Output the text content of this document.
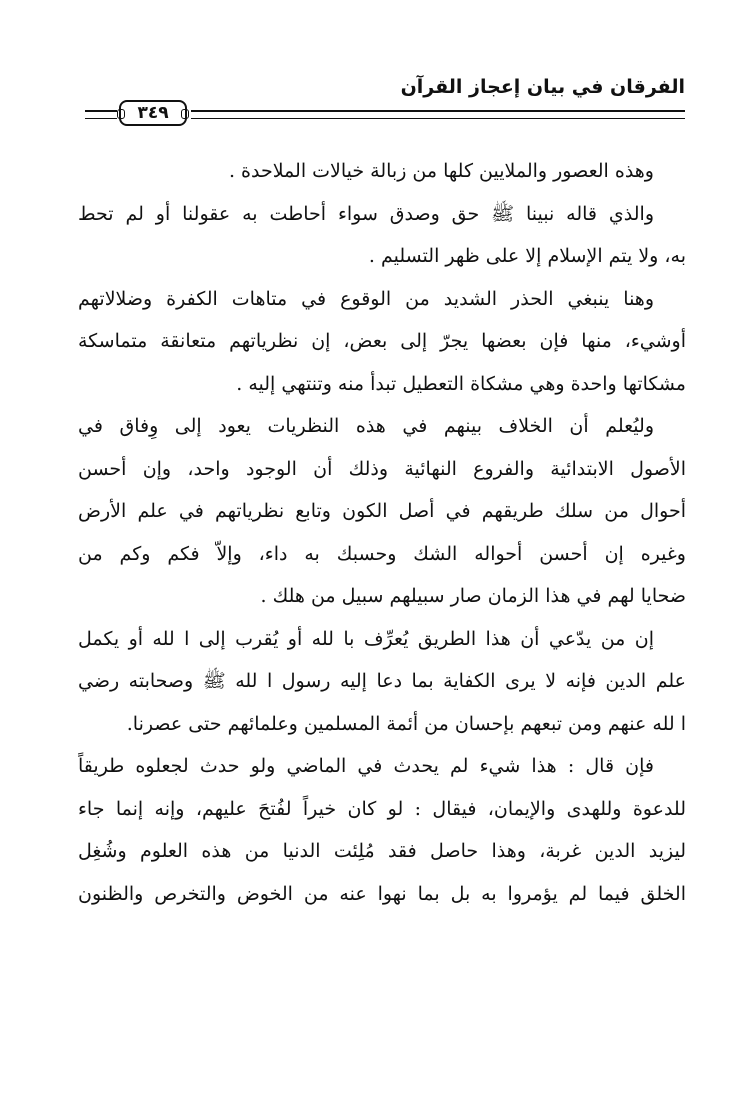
الفرقان في بيان إعجاز القرآن
٣٤٩
وهذه العصور والملايين كلها من زبالة خيالات الملاحدة .
والذي قاله نبينا ﷺ حق وصدق سواء أحاطت به عقولنا أو لم تحط
به، ولا يتم الإسلام إلا على ظهر التسليم .
وهنا ينبغي الحذر الشديد من الوقوع في متاهات الكفرة وضلالاتهم
أوشيء، منها فإن بعضها يجرّ إلى بعض، إن نظرياتهم متعانقة متماسكة
مشكاتها واحدة وهي مشكاة التعطيل تبدأ منه وتنتهي إليه .
وليُعلم أن الخلاف بينهم في هذه النظريات يعود إلى وِفاق في
الأصول الابتدائية والفروع النهائية وذلك أن الوجود واحد، وإن أحسن
أحوال من سلك طريقهم في أصل الكون وتابع نظرياتهم في علم الأرض
وغيره إن أحسن أحواله الشك وحسبك به داء، وإلاّ فكم وكم من
ضحايا لهم في هذا الزمان صار سبيلهم سبيل من هلك .
إن من يدّعي أن هذا الطريق يُعرِّف با لله أو يُقرب إلى ا لله أو يكمل
علم الدين فإنه لا يرى الكفاية بما دعا إليه رسول ا لله ﷺ وصحابته رضي
ا لله عنهم ومن تبعهم بإحسان من أئمة المسلمين وعلمائهم حتى عصرنا.
فإن قال : هذا شيء لم يحدث في الماضي ولو حدث لجعلوه طريقاً
للدعوة وللهدى والإيمان، فيقال : لو كان خيراً لفُتحَ عليهم، وإنه إنما جاء
ليزيد الدين غربة، وهذا حاصل فقد مُلِئت الدنيا من هذه العلوم وشُغِل
الخلق فيما لم يؤمروا به بل بما نهوا عنه من الخوض والتخرص والظنون
